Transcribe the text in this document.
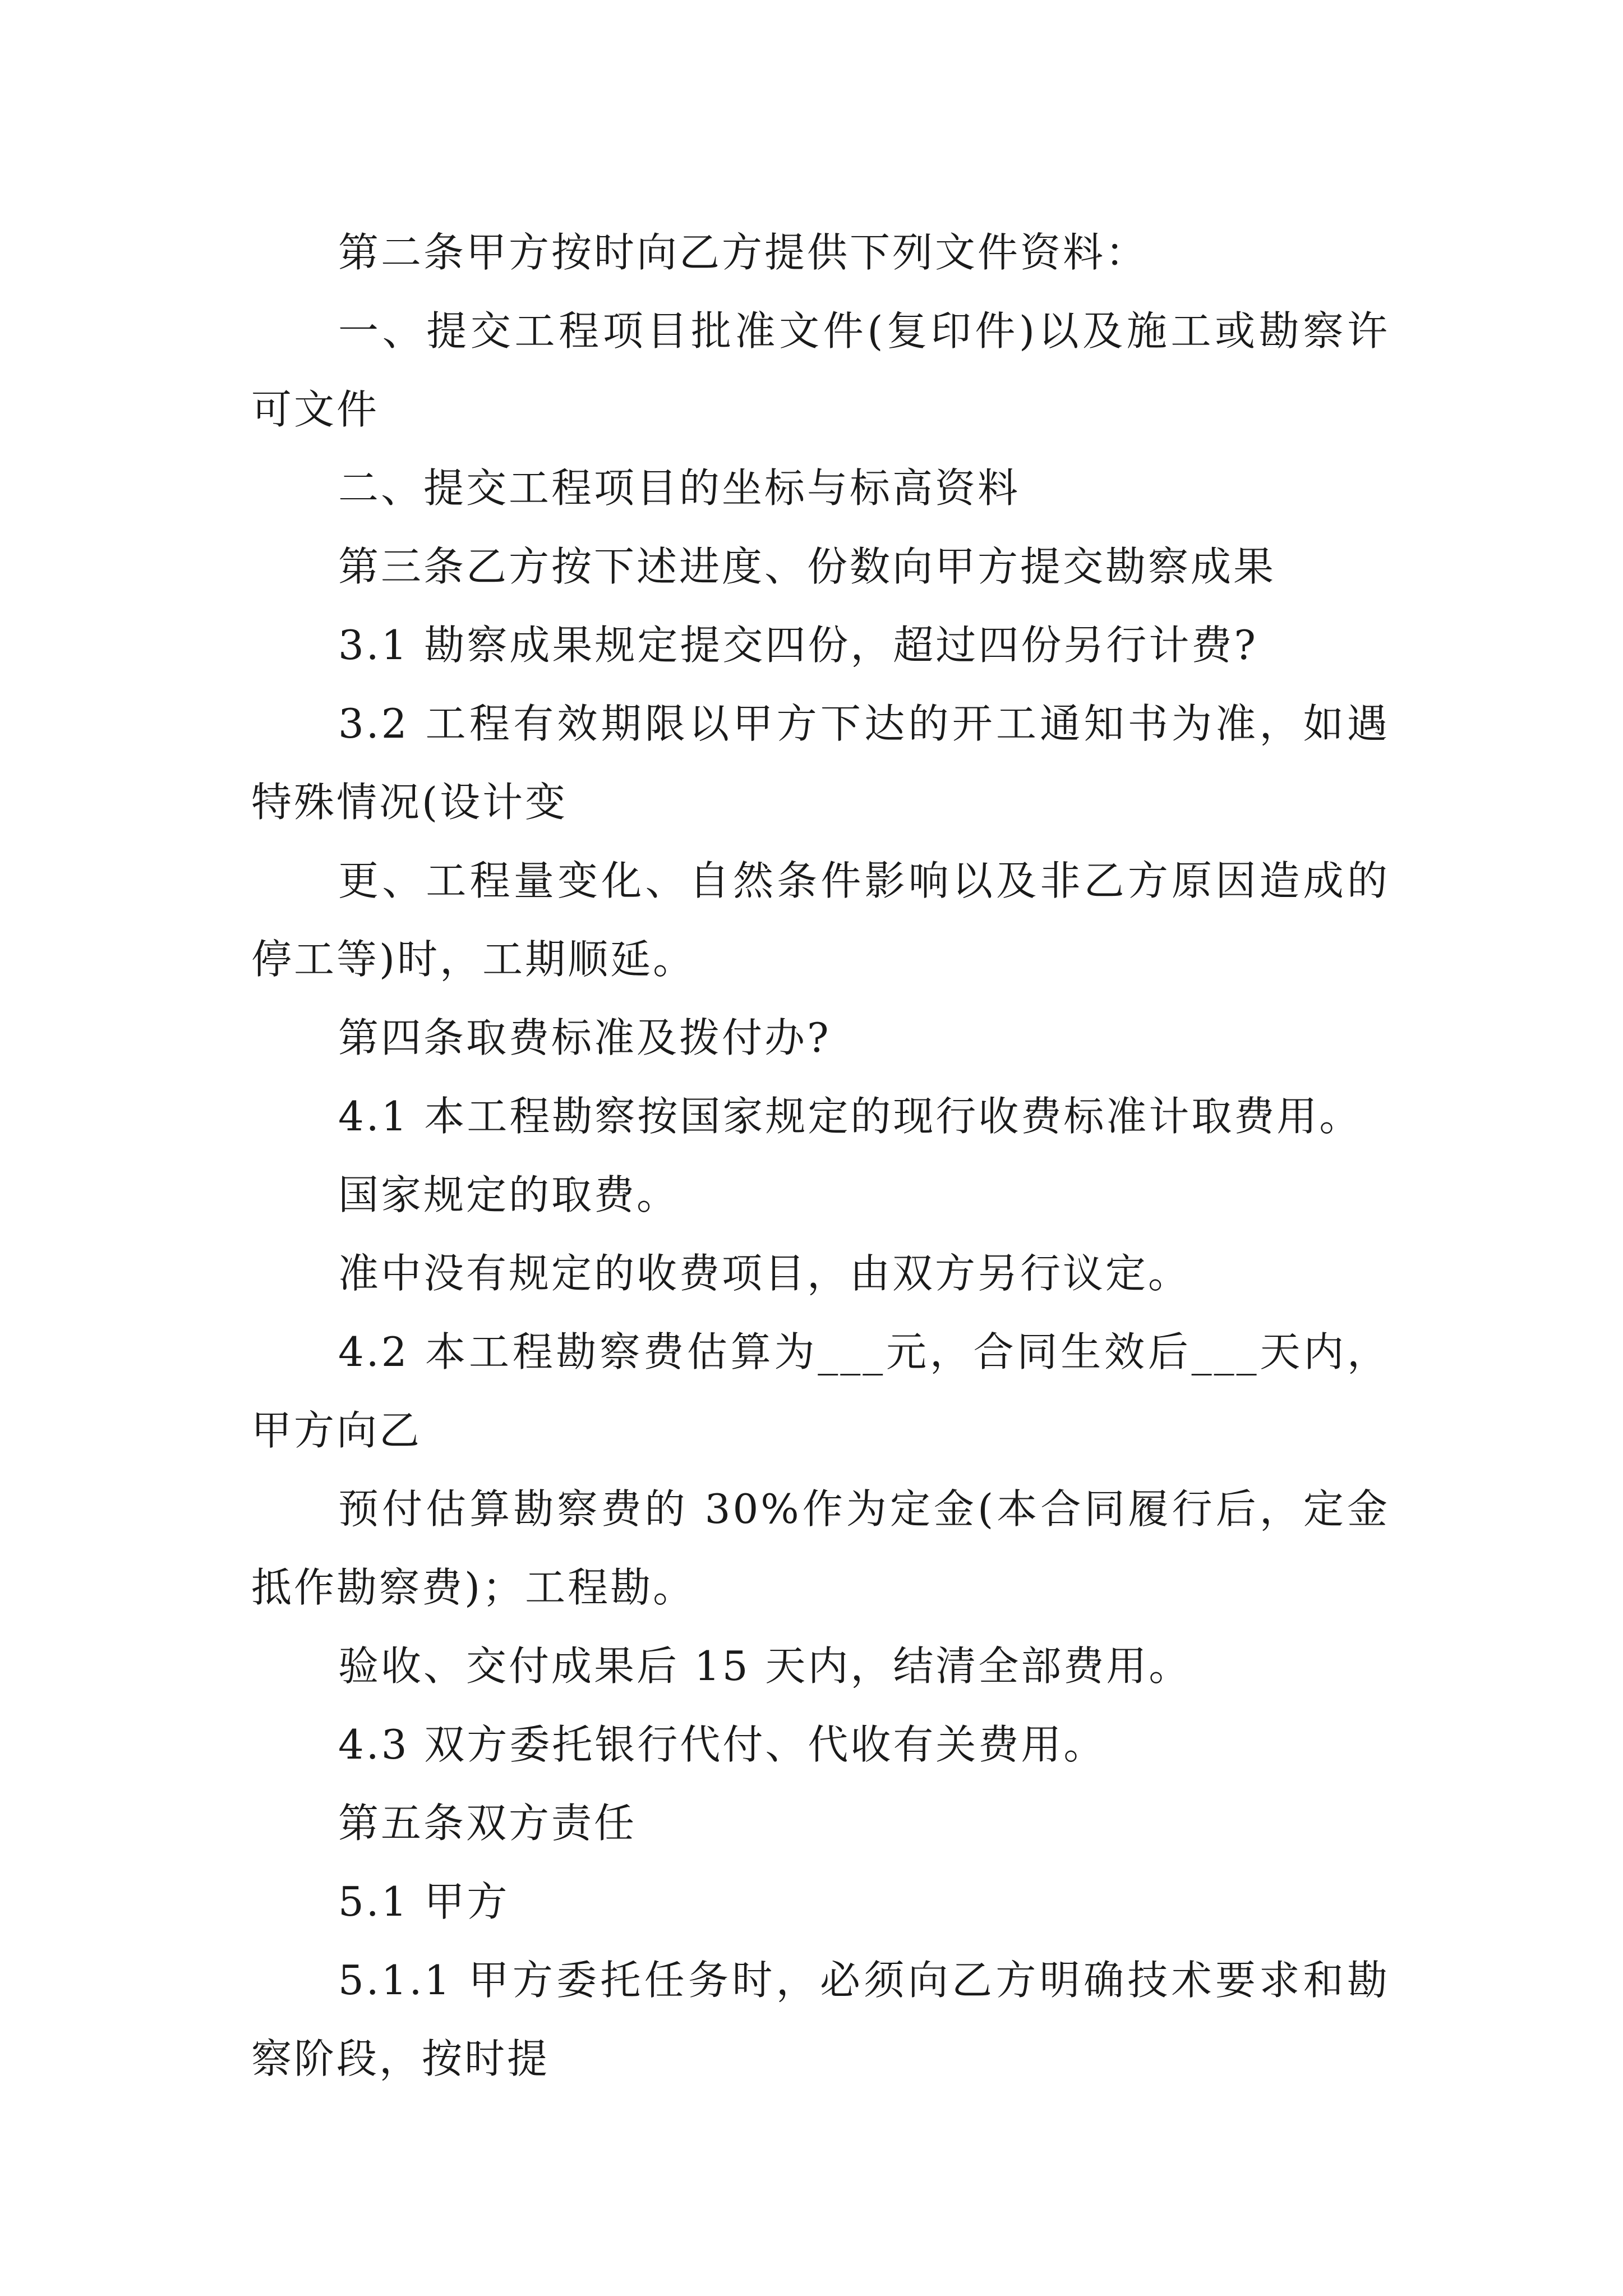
第二条甲方按时向乙方提供下列文件资料：

一、提交工程项目批准文件(复印件)以及施工或勘察许可文件

二、提交工程项目的坐标与标高资料

第三条乙方按下述进度、份数向甲方提交勘察成果

3.1 勘察成果规定提交四份，超过四份另行计费?

3.2 工程有效期限以甲方下达的开工通知书为准，如遇特殊情况(设计变

更、工程量变化、自然条件影响以及非乙方原因造成的停工等)时，工期顺延。

第四条取费标准及拨付办?

4.1 本工程勘察按国家规定的现行收费标准计取费用。

国家规定的取费。

准中没有规定的收费项目，由双方另行议定。

4.2 本工程勘察费估算为___元，合同生效后___天内，甲方向乙

预付估算勘察费的 30%作为定金(本合同履行后，定金抵作勘察费)；工程勘。

验收、交付成果后 15 天内，结清全部费用。

4.3 双方委托银行代付、代收有关费用。

第五条双方责任

5.1 甲方

5.1.1 甲方委托任务时，必须向乙方明确技术要求和勘察阶段，按时提
